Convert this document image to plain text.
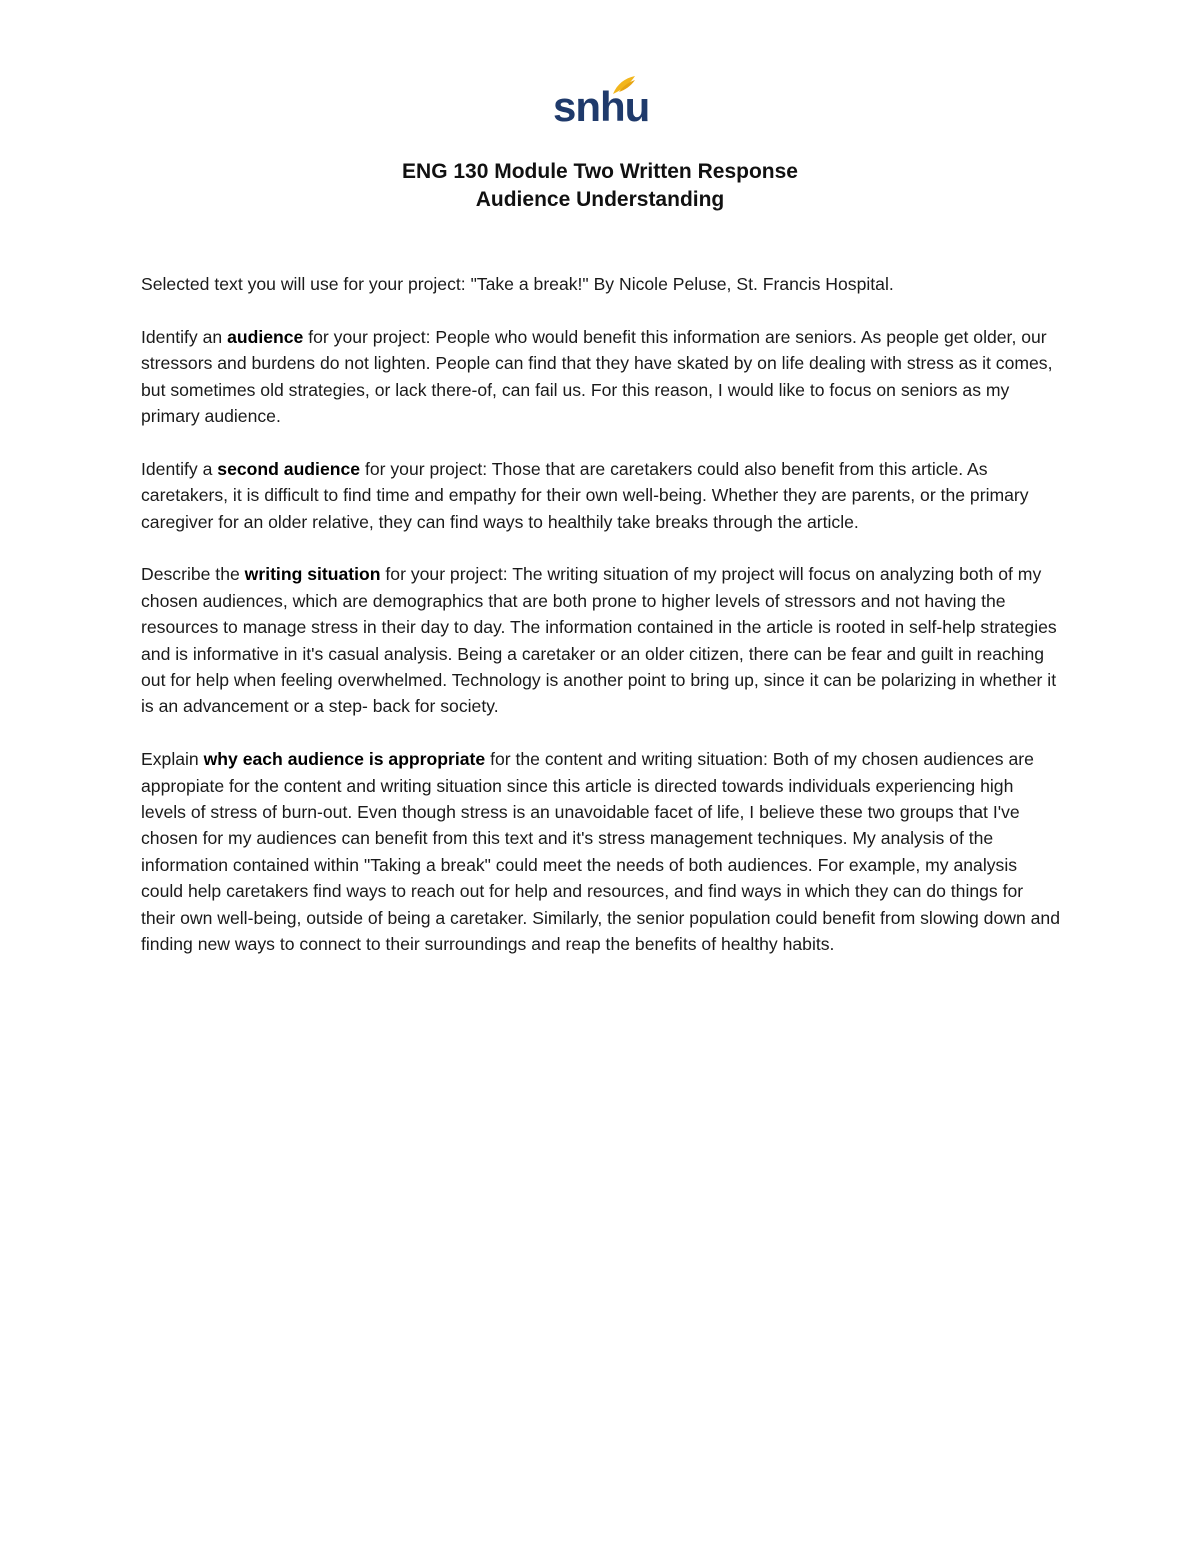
snhu
ENG 130 Module Two Written Response
Audience Understanding

Selected text you will use for your project: "Take a break!" By Nicole Peluse, St. Francis Hospital.

Identify an audience for your project: People who would benefit this information are seniors. As people get older, our stressors and burdens do not lighten. People can find that they have skated by on life dealing with stress as it comes, but sometimes old strategies, or lack there-of, can fail us. For this reason, I would like to focus on seniors as my primary audience.

Identify a second audience for your project: Those that are caretakers could also benefit from this article. As caretakers, it is difficult to find time and empathy for their own well-being. Whether they are parents, or the primary caregiver for an older relative, they can find ways to healthily take breaks through the article.

Describe the writing situation for your project: The writing situation of my project will focus on analyzing both of my chosen audiences, which are demographics that are both prone to higher levels of stressors and not having the resources to manage stress in their day to day. The information contained in the article is rooted in self-help strategies and is informative in it's casual analysis. Being a caretaker or an older citizen, there can be fear and guilt in reaching out for help when feeling overwhelmed. Technology is another point to bring up, since it can be polarizing in whether it is an advancement or a step- back for society.

Explain why each audience is appropriate for the content and writing situation: Both of my chosen audiences are appropiate for the content and writing situation since this article is directed towards individuals experiencing high levels of stress of burn-out. Even though stress is an unavoidable facet of life, I believe these two groups that I've chosen for my audiences can benefit from this text and it's stress management techniques. My analysis of the information contained within "Taking a break" could meet the needs of both audiences. For example, my analysis could help caretakers find ways to reach out for help and resources, and find ways in which they can do things for their own well-being, outside of being a caretaker. Similarly, the senior population could benefit from slowing down and finding new ways to connect to their surroundings and reap the benefits of healthy habits.
